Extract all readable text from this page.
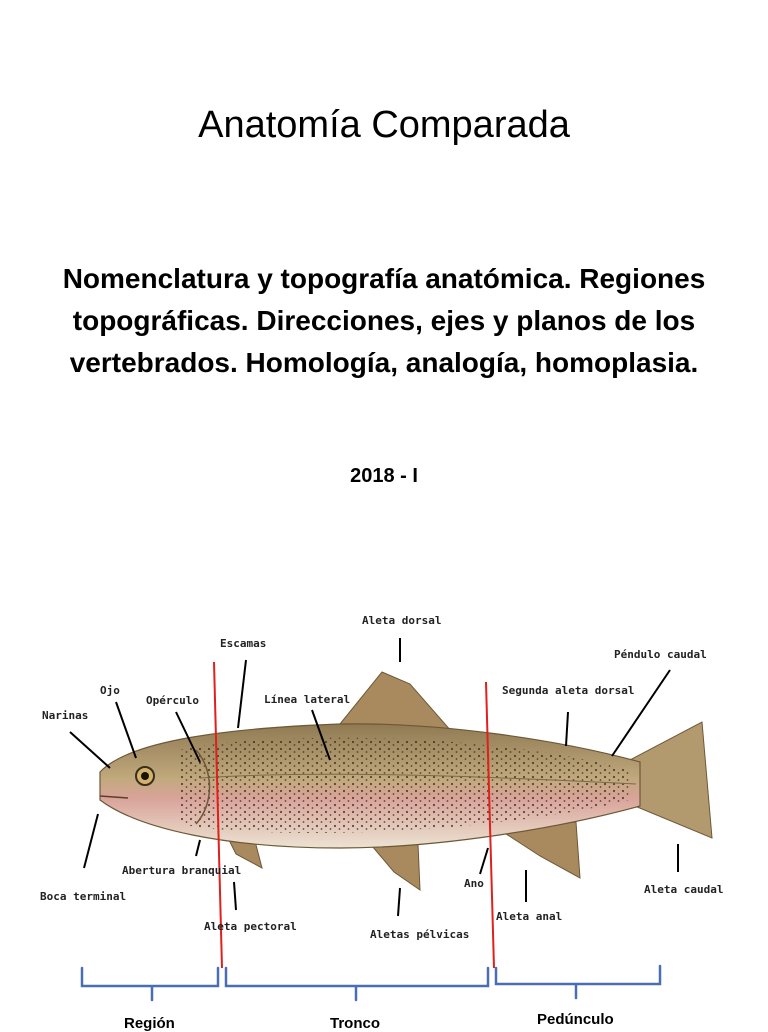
Anatomía Comparada

Nomenclatura y topografía anatómica. Regiones topográficas. Direcciones, ejes y planos de los vertebrados. Homología, analogía, homoplasia.

2018 - I
Aleta dorsal
Escamas
Péndulo caudal
Ojo
Opérculo	Línea lateral
Segunda aleta dorsal
Narinas
Abertura branquial
Ano
Boca terminal
Aleta caudal
Aleta pectoral
Aleta anal
Aletas pélvicas
Región	Tronco	Pedúnculo
